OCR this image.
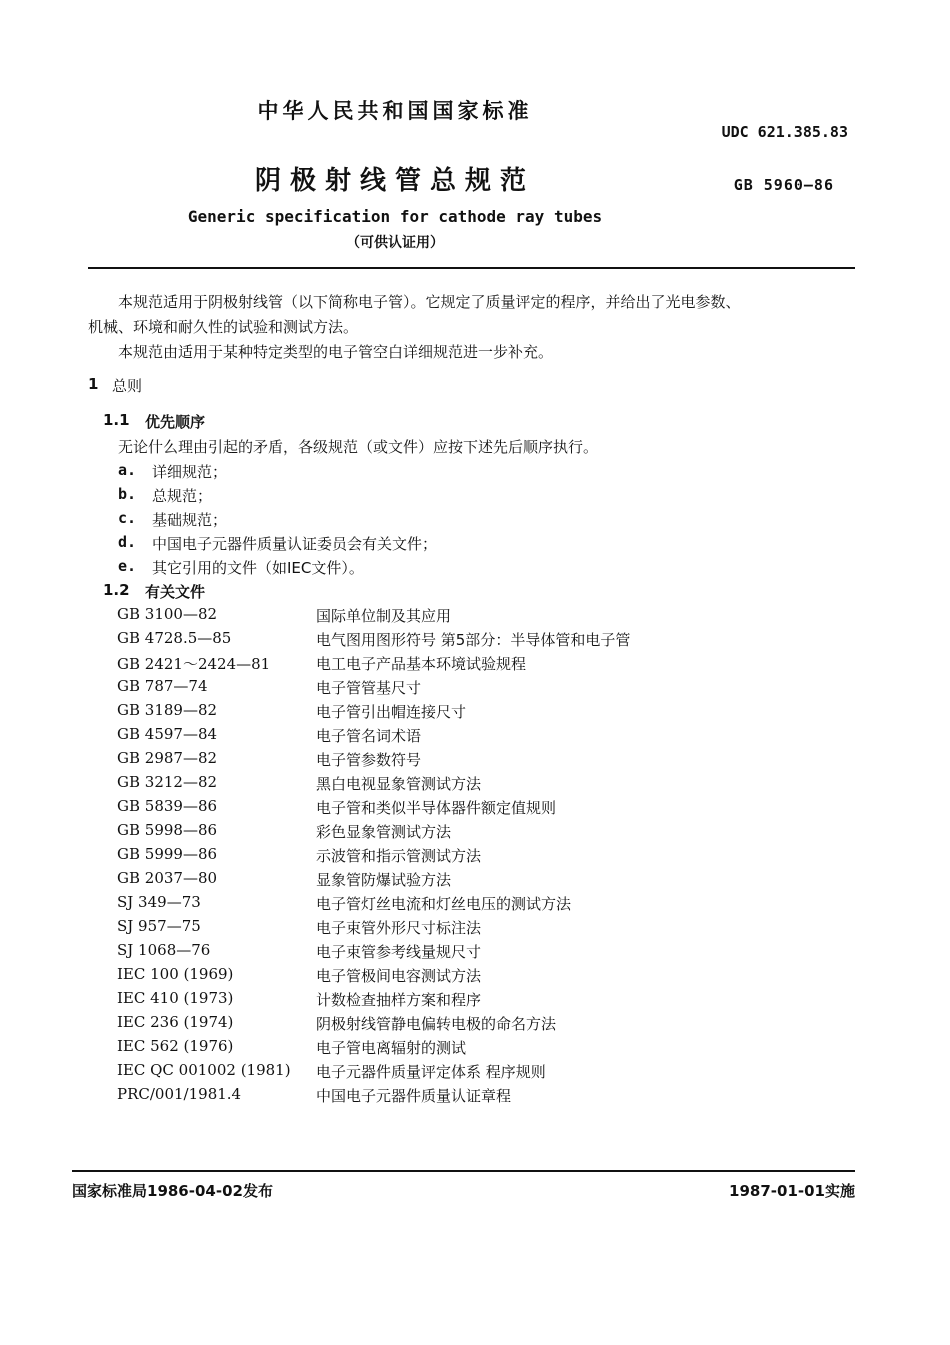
中华人民共和国国家标准
UDC 621.385.83
阴极射线管总规范	GB 5960—86
Generic specification for cathode ray tubes
（可供认证用）
本规范适用于阴极射线管（以下简称电子管）。它规定了质量评定的程序，并给出了光电参数、
机械、环境和耐久性的试验和测试方法。
本规范由适用于某种特定类型的电子管空白详细规范进一步补充。
1 总则
1.1 优先顺序
无论什么理由引起的矛盾，各级规范（或文件）应按下述先后顺序执行。
a. 详细规范；
b. 总规范；
c. 基础规范；
d. 中国电子元器件质量认证委员会有关文件；
e. 其它引用的文件（如IEC文件）。
1.2 有关文件
GB 3100—82	国际单位制及其应用
GB 4728.5—85	电气图用图形符号 第5部分：半导体管和电子管
GB 2421～2424—81	电工电子产品基本环境试验规程
GB 787—74	电子管管基尺寸
GB 3189—82	电子管引出帽连接尺寸
GB 4597—84	电子管名词术语
GB 2987—82	电子管参数符号
GB 3212—82	黑白电视显象管测试方法
GB 5839—86	电子管和类似半导体器件额定值规则
GB 5998—86	彩色显象管测试方法
GB 5999—86	示波管和指示管测试方法
GB 2037—80	显象管防爆试验方法
SJ 349—73	电子管灯丝电流和灯丝电压的测试方法
SJ 957—75	电子束管外形尺寸标注法
SJ 1068—76	电子束管参考线量规尺寸
IEC 100 (1969)	电子管极间电容测试方法
IEC 410 (1973)	计数检查抽样方案和程序
IEC 236 (1974)	阴极射线管静电偏转电极的命名方法
IEC 562 (1976)	电子管电离辐射的测试
IEC QC 001002 (1981) 电子元器件质量评定体系 程序规则
PRC/001/1981.4	中国电子元器件质量认证章程
国家标准局1986-04-02发布	1987-01-01实施
